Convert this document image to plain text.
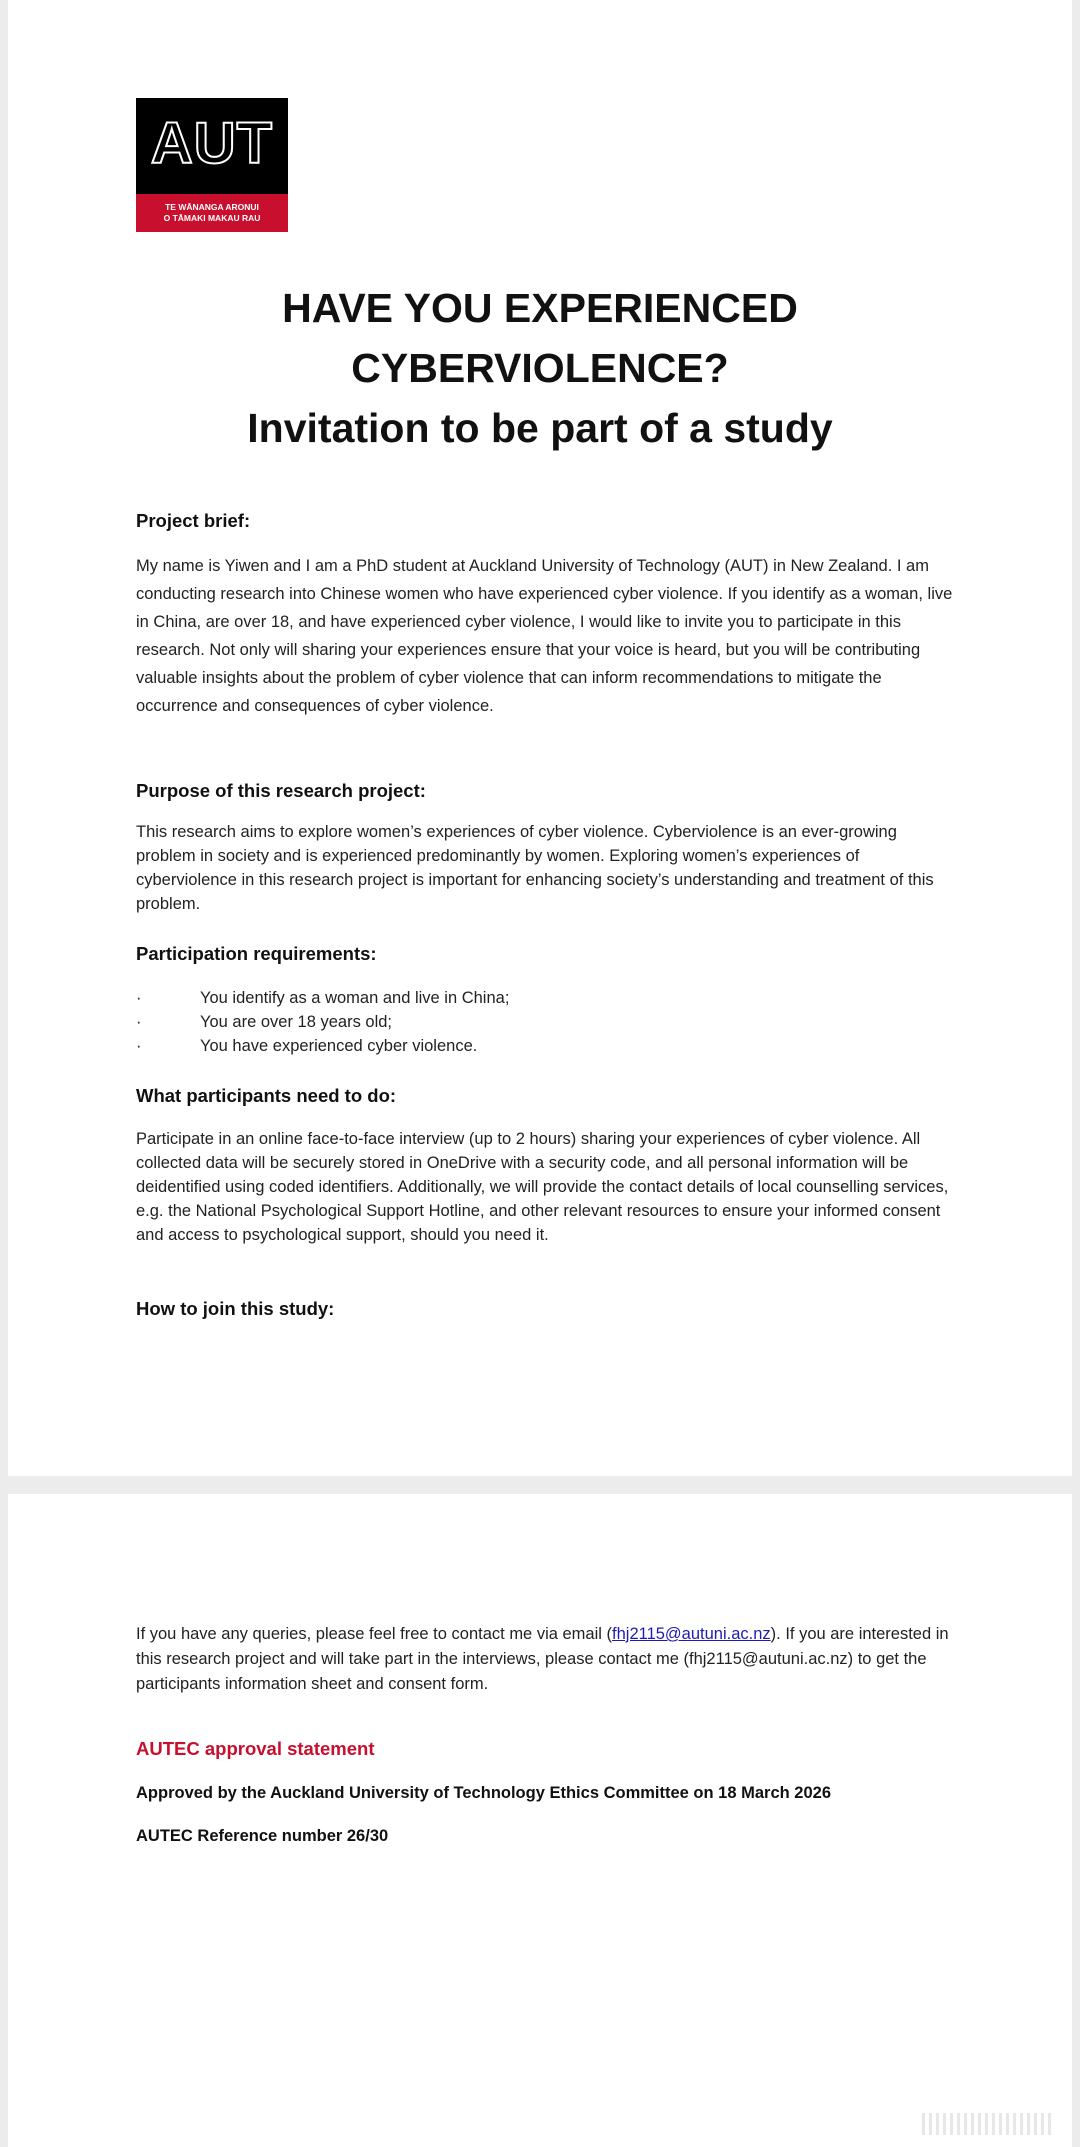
AUT
TE WĀNANGA ARONUI
O TĀMAKI MAKAU RAU
HAVE YOU EXPERIENCED
CYBERVIOLENCE?
Invitation to be part of a study
Project brief:
My name is Yiwen and I am a PhD student at Auckland University of Technology (AUT) in New Zealand. I am conducting research into Chinese women who have experienced cyber violence. If you identify as a woman, live in China, are over 18, and have experienced cyber violence, I would like to invite you to participate in this research. Not only will sharing your experiences ensure that your voice is heard, but you will be contributing valuable insights about the problem of cyber violence that can inform recommendations to mitigate the occurrence and consequences of cyber violence.
Purpose of this research project:
This research aims to explore women’s experiences of cyber violence. Cyberviolence is an ever-growing problem in society and is experienced predominantly by women. Exploring women’s experiences of cyberviolence in this research project is important for enhancing society’s understanding and treatment of this problem.
Participation requirements:
·	You identify as a woman and live in China;
·	You are over 18 years old;
·	You have experienced cyber violence.
What participants need to do:
Participate in an online face-to-face interview (up to 2 hours) sharing your experiences of cyber violence. All collected data will be securely stored in OneDrive with a security code, and all personal information will be deidentified using coded identifiers. Additionally, we will provide the contact details of local counselling services, e.g. the National Psychological Support Hotline, and other relevant resources to ensure your informed consent and access to psychological support, should you need it.
How to join this study:
If you have any queries, please feel free to contact me via email (fhj2115@autuni.ac.nz). If you are interested in this research project and will take part in the interviews, please contact me (fhj2115@autuni.ac.nz) to get the participants information sheet and consent form.
AUTEC approval statement
Approved by the Auckland University of Technology Ethics Committee on 18 March 2026
AUTEC Reference number 26/30
